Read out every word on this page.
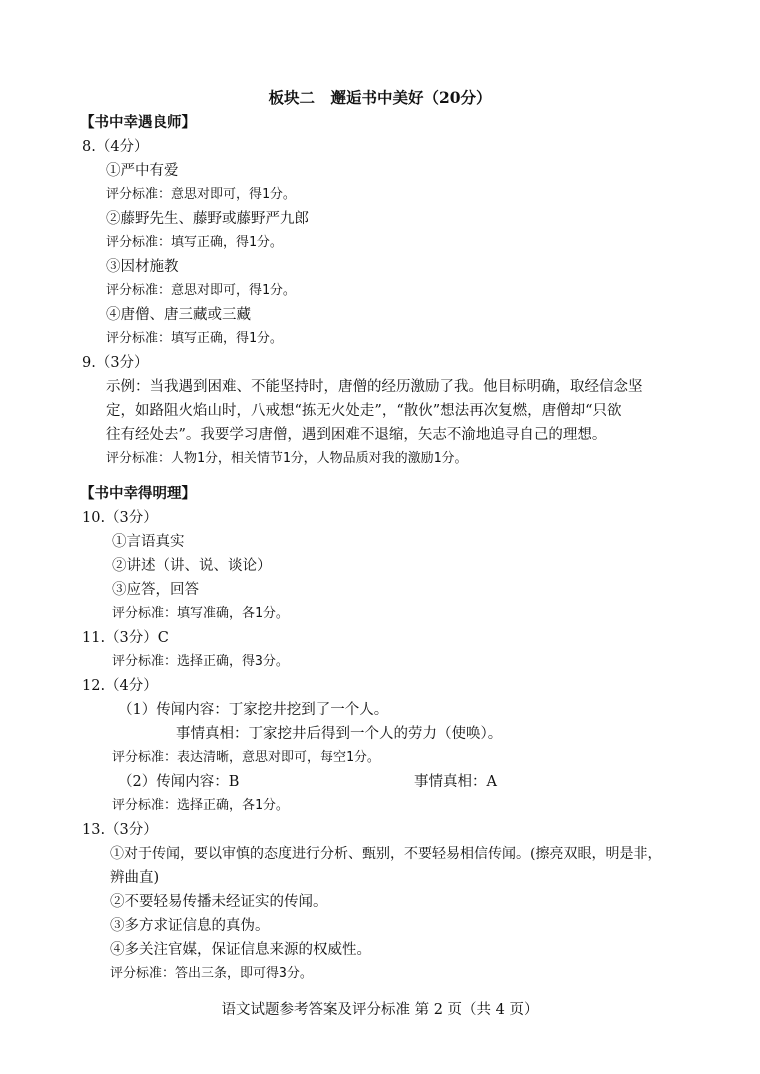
板块二　邂逅书中美好（20分）
【书中幸遇良师】
8.（4分）
①严中有爱
评分标准：意思对即可，得1分。
②藤野先生、藤野或藤野严九郎
评分标准：填写正确，得1分。
③因材施教
评分标准：意思对即可，得1分。
④唐僧、唐三藏或三藏
评分标准：填写正确，得1分。
9.（3分）
示例：当我遇到困难、不能坚持时，唐僧的经历激励了我。他目标明确，取经信念坚
定，如路阻火焰山时，八戒想“拣无火处走”，“散伙”想法再次复燃，唐僧却“只欲
往有经处去”。我要学习唐僧，遇到困难不退缩，矢志不渝地追寻自己的理想。
评分标准：人物1分，相关情节1分，人物品质对我的激励1分。
【书中幸得明理】
10.（3分）
①言语真实
②讲述（讲、说、谈论）
③应答，回答
评分标准：填写准确，各1分。
11.（3分）C
评分标准：选择正确，得3分。
12.（4分）
（1）传闻内容：丁家挖井挖到了一个人。
事情真相：丁家挖井后得到一个人的劳力（使唤）。
评分标准：表达清晰，意思对即可，每空1分。
（2）传闻内容：B	事情真相：A
评分标准：选择正确，各1分。
13.（3分）
①对于传闻，要以审慎的态度进行分析、甄别，不要轻易相信传闻。(擦亮双眼，明是非，
辨曲直)
②不要轻易传播未经证实的传闻。
③多方求证信息的真伪。
④多关注官媒，保证信息来源的权威性。
评分标准：答出三条，即可得3分。
语文试题参考答案及评分标准 第 2 页（共 4 页）
